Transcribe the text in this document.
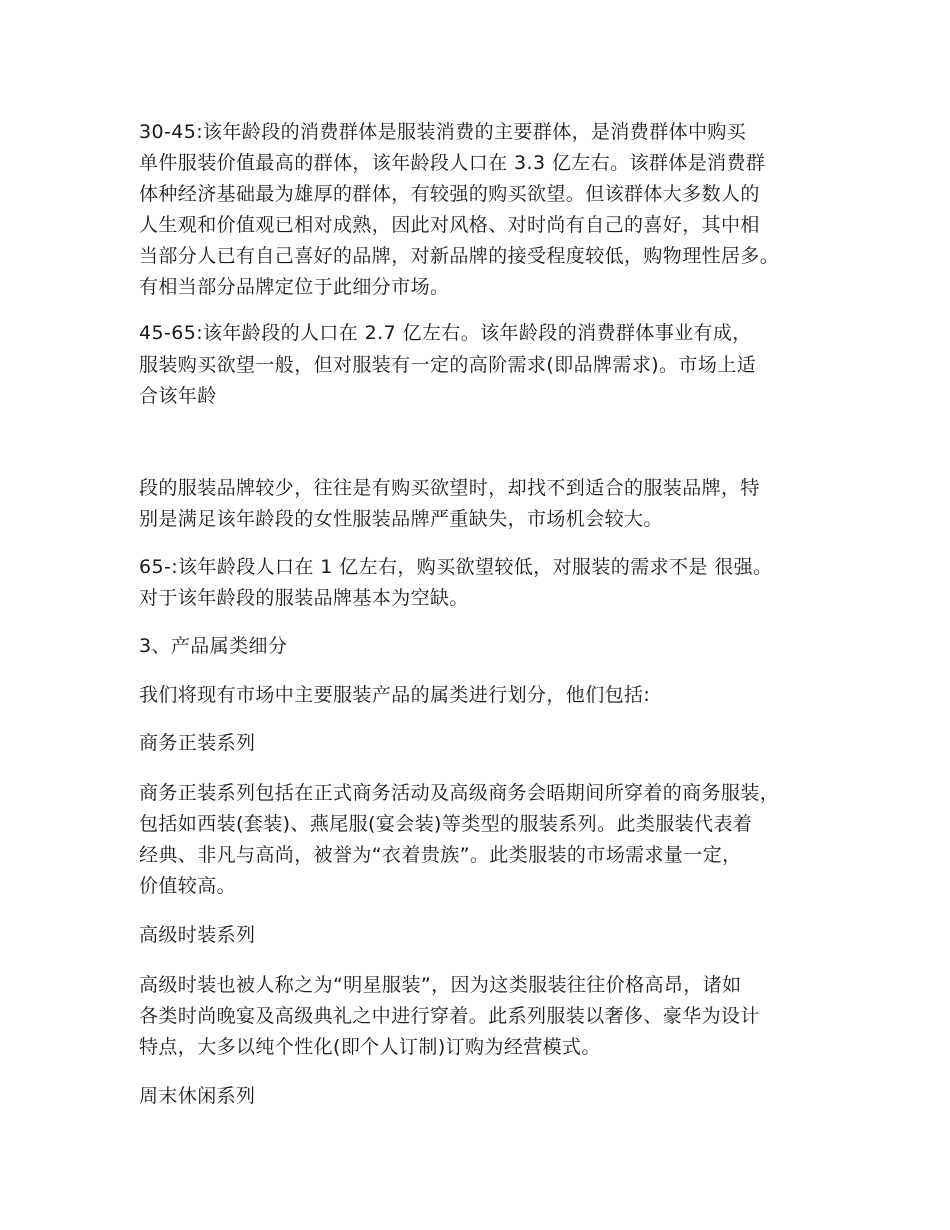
30-45:该年龄段的消费群体是服装消费的主要群体，是消费群体中购买
单件服装价值最高的群体，该年龄段人口在 3.3 亿左右。该群体是消费群
体种经济基础最为雄厚的群体，有较强的购买欲望。但该群体大多数人的
人生观和价值观已相对成熟，因此对风格、对时尚有自己的喜好，其中相
当部分人已有自己喜好的品牌，对新品牌的接受程度较低，购物理性居多。
有相当部分品牌定位于此细分市场。
45-65:该年龄段的人口在 2.7 亿左右。该年龄段的消费群体事业有成，
服装购买欲望一般，但对服装有一定的高阶需求(即品牌需求)。市场上适
合该年龄
段的服装品牌较少，往往是有购买欲望时，却找不到适合的服装品牌，特
别是满足该年龄段的女性服装品牌严重缺失，市场机会较大。
65-:该年龄段人口在 1 亿左右，购买欲望较低，对服装的需求不是 很强。
对于该年龄段的服装品牌基本为空缺。
3、产品属类细分
我们将现有市场中主要服装产品的属类进行划分，他们包括:
商务正装系列
商务正装系列包括在正式商务活动及高级商务会晤期间所穿着的商务服装，
包括如西装(套装)、燕尾服(宴会装)等类型的服装系列。此类服装代表着
经典、非凡与高尚，被誉为“衣着贵族”。此类服装的市场需求量一定，
价值较高。
高级时装系列
高级时装也被人称之为“明星服装”，因为这类服装往往价格高昂，诸如
各类时尚晚宴及高级典礼之中进行穿着。此系列服装以奢侈、豪华为设计
特点，大多以纯个性化(即个人订制)订购为经营模式。
周末休闲系列
